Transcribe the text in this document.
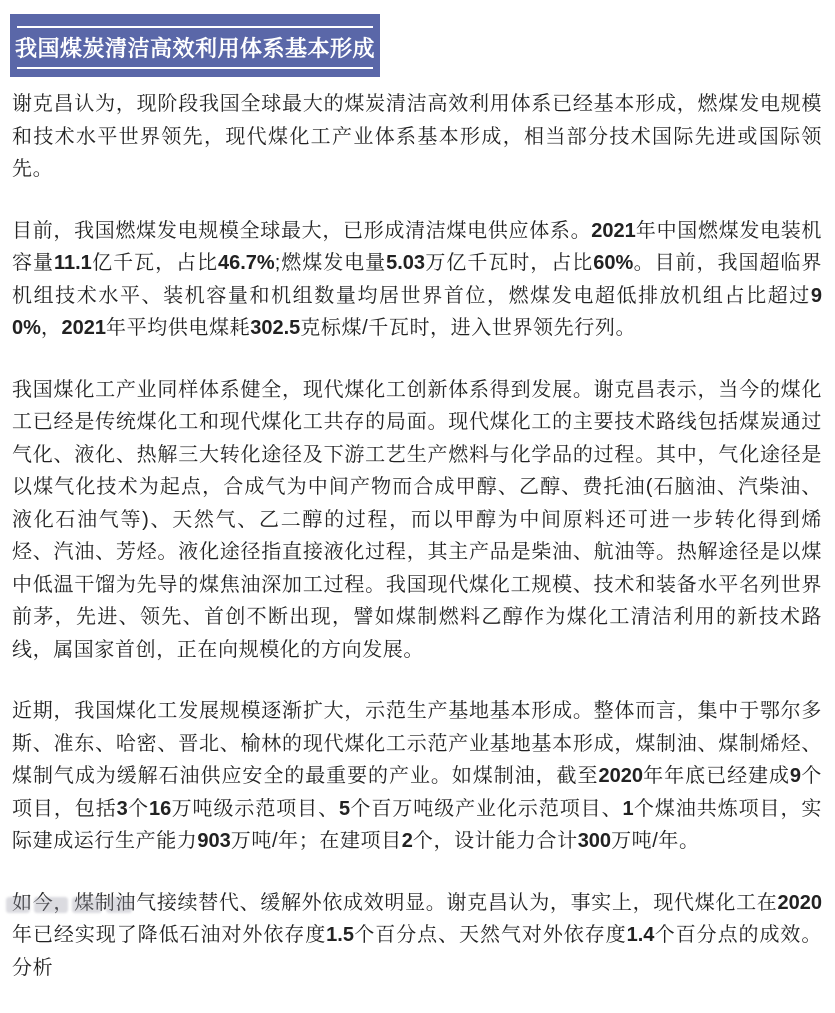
我国煤炭清洁高效利用体系基本形成

谢克昌认为，现阶段我国全球最大的煤炭清洁高效利用体系已经基本形成，燃煤发电规模和技术水平世界领先，现代煤化工产业体系基本形成，相当部分技术国际先进或国际领先。

目前，我国燃煤发电规模全球最大，已形成清洁煤电供应体系。2021年中国燃煤发电装机容量11.1亿千瓦，占比46.7%;燃煤发电量5.03万亿千瓦时，占比60%。目前，我国超临界机组技术水平、装机容量和机组数量均居世界首位，燃煤发电超低排放机组占比超过90%，2021年平均供电煤耗302.5克标煤/千瓦时，进入世界领先行列。

我国煤化工产业同样体系健全，现代煤化工创新体系得到发展。谢克昌表示，当今的煤化工已经是传统煤化工和现代煤化工共存的局面。现代煤化工的主要技术路线包括煤炭通过气化、液化、热解三大转化途径及下游工艺生产燃料与化学品的过程。其中，气化途径是以煤气化技术为起点，合成气为中间产物而合成甲醇、乙醇、费托油(石脑油、汽柴油、液化石油气等)、天然气、乙二醇的过程，而以甲醇为中间原料还可进一步转化得到烯烃、汽油、芳烃。液化途径指直接液化过程，其主产品是柴油、航油等。热解途径是以煤中低温干馏为先导的煤焦油深加工过程。我国现代煤化工规模、技术和装备水平名列世界前茅，先进、领先、首创不断出现，譬如煤制燃料乙醇作为煤化工清洁利用的新技术路线，属国家首创，正在向规模化的方向发展。

近期，我国煤化工发展规模逐渐扩大，示范生产基地基本形成。整体而言，集中于鄂尔多斯、准东、哈密、晋北、榆林的现代煤化工示范产业基地基本形成，煤制油、煤制烯烃、煤制气成为缓解石油供应安全的最重要的产业。如煤制油，截至2020年年底已经建成9个项目，包括3个16万吨级示范项目、5个百万吨级产业化示范项目、1个煤油共炼项目，实际建成运行生产能力903万吨/年；在建项目2个，设计能力合计300万吨/年。

如今，煤制油气接续替代、缓解外依成效明显。谢克昌认为，事实上，现代煤化工在2020年已经实现了降低石油对外依存度1.5个百分点、天然气对外依存度1.4个百分点的成效。分析
